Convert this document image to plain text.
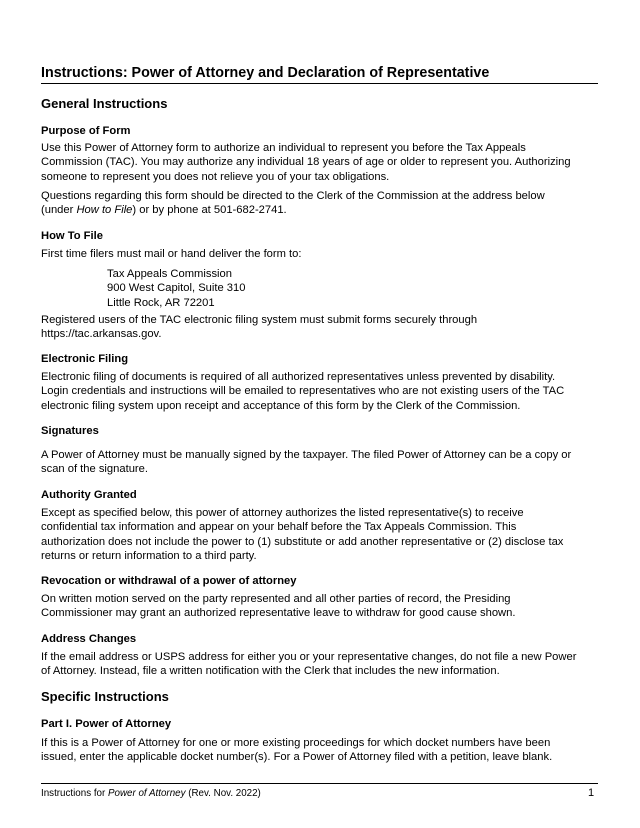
Instructions: Power of Attorney and Declaration of Representative
General Instructions
Purpose of Form
Use this Power of Attorney form to authorize an individual to represent you before the Tax Appeals
Commission (TAC). You may authorize any individual 18 years of age or older to represent you. Authorizing
someone to represent you does not relieve you of your tax obligations.
Questions regarding this form should be directed to the Clerk of the Commission at the address below
(under How to File) or by phone at 501-682-2741.
How To File
First time filers must mail or hand deliver the form to:
Tax Appeals Commission
900 West Capitol, Suite 310
Little Rock, AR 72201
Registered users of the TAC electronic filing system must submit forms securely through
https://tac.arkansas.gov.
Electronic Filing
Electronic filing of documents is required of all authorized representatives unless prevented by disability.
Login credentials and instructions will be emailed to representatives who are not existing users of the TAC
electronic filing system upon receipt and acceptance of this form by the Clerk of the Commission.
Signatures
A Power of Attorney must be manually signed by the taxpayer. The filed Power of Attorney can be a copy or
scan of the signature.
Authority Granted
Except as specified below, this power of attorney authorizes the listed representative(s) to receive
confidential tax information and appear on your behalf before the Tax Appeals Commission. This
authorization does not include the power to (1) substitute or add another representative or (2) disclose tax
returns or return information to a third party.
Revocation or withdrawal of a power of attorney
On written motion served on the party represented and all other parties of record, the Presiding
Commissioner may grant an authorized representative leave to withdraw for good cause shown.
Address Changes
If the email address or USPS address for either you or your representative changes, do not file a new Power
of Attorney. Instead, file a written notification with the Clerk that includes the new information.
Specific Instructions
Part I. Power of Attorney
If this is a Power of Attorney for one or more existing proceedings for which docket numbers have been
issued, enter the applicable docket number(s). For a Power of Attorney filed with a petition, leave blank.
Instructions for Power of Attorney (Rev. Nov. 2022)	1
